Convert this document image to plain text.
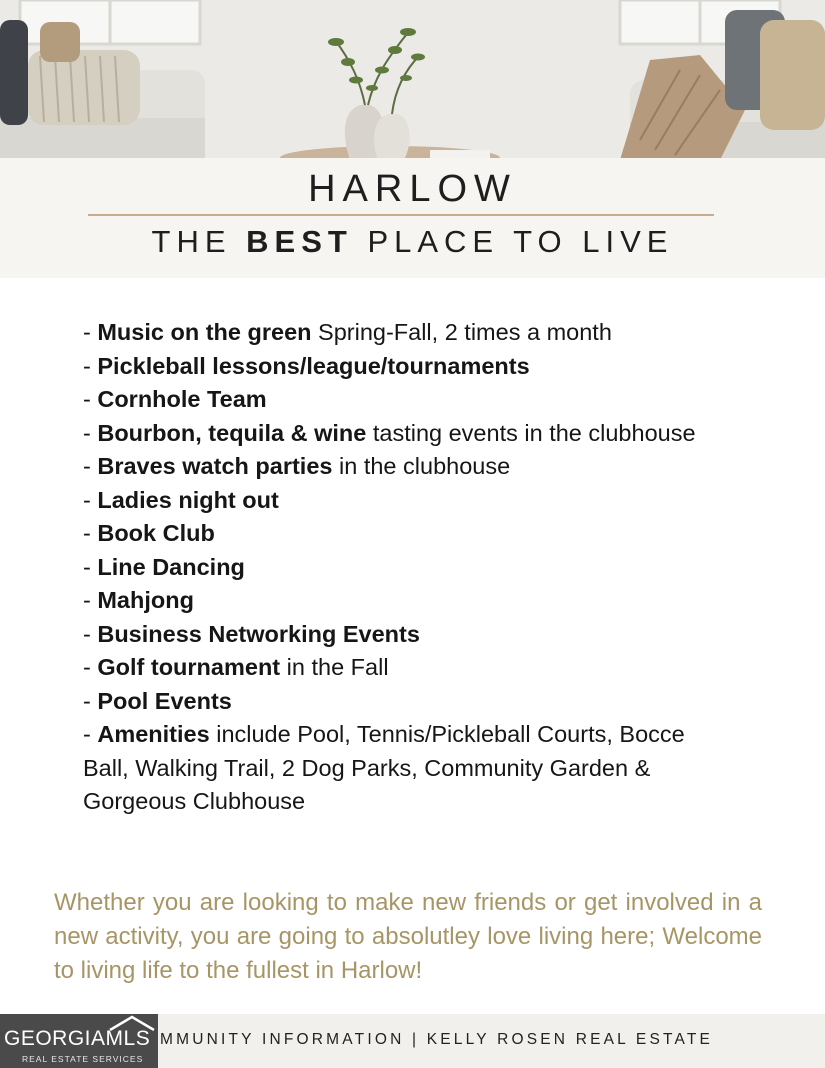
HARLOW
THE BEST PLACE TO LIVE
- Music on the green Spring-Fall, 2 times a month
- Pickleball lessons/league/tournaments
- Cornhole Team
- Bourbon, tequila & wine tasting events in the clubhouse
- Braves watch parties in the clubhouse
- Ladies night out
- Book Club
- Line Dancing
- Mahjong
- Business Networking Events
- Golf tournament in the Fall
- Pool Events
- Amenities include Pool, Tennis/Pickleball Courts, Bocce Ball, Walking Trail, 2 Dog Parks, Community Garden & Gorgeous Clubhouse

Whether you are looking to make new friends or get involved in a new activity, you are going to absolutley love living here; Welcome to living life to the fullest in Harlow!

MMUNITY INFORMATION | KELLY ROSEN REAL ESTATE
GEORGIAMLS
REAL ESTATE SERVICES
